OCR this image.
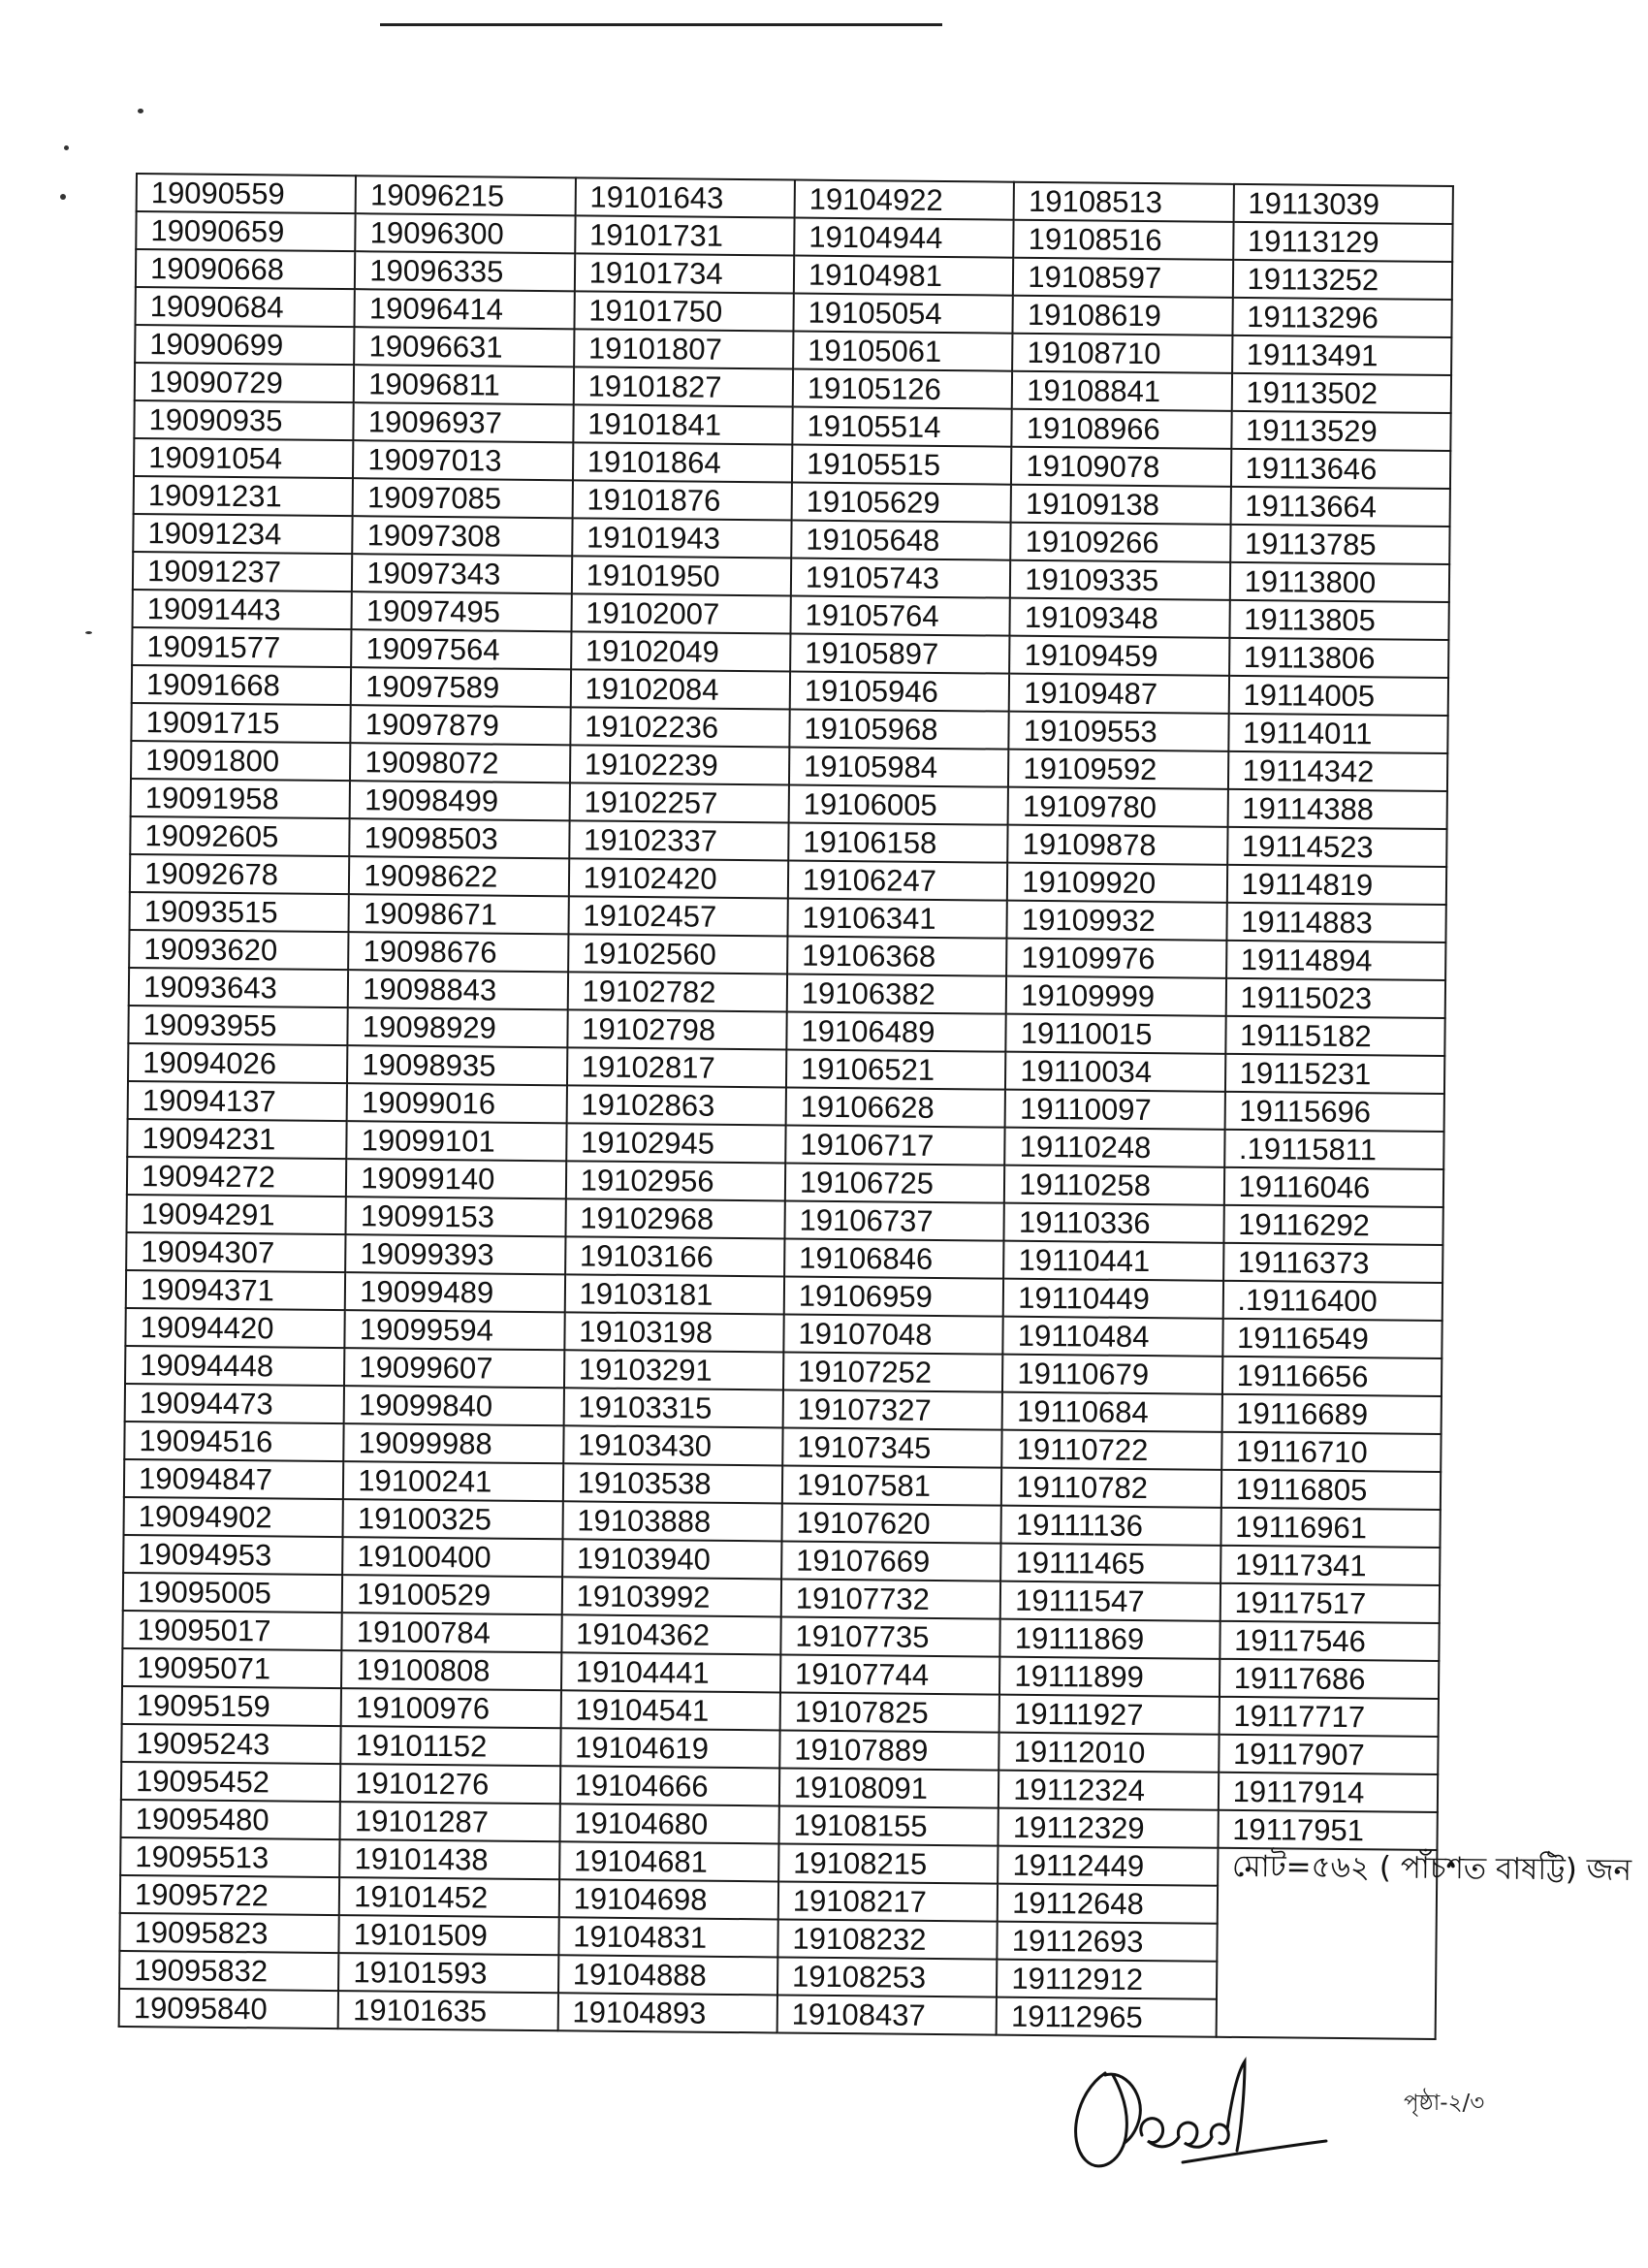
19090559	19096215	19101643	19104922	19108513	19113039
19090659	19096300	19101731	19104944	19108516	19113129
19090668	19096335	19101734	19104981	19108597	19113252
19090684	19096414	19101750	19105054	19108619	19113296
19090699	19096631	19101807	19105061	19108710	19113491
19090729	19096811	19101827	19105126	19108841	19113502
19090935	19096937	19101841	19105514	19108966	19113529
19091054	19097013	19101864	19105515	19109078	19113646
19091231	19097085	19101876	19105629	19109138	19113664
19091234	19097308	19101943	19105648	19109266	19113785
19091237	19097343	19101950	19105743	19109335	19113800
19091443	19097495	19102007	19105764	19109348	19113805
19091577	19097564	19102049	19105897	19109459	19113806
19091668	19097589	19102084	19105946	19109487	19114005
19091715	19097879	19102236	19105968	19109553	19114011
19091800	19098072	19102239	19105984	19109592	19114342
19091958	19098499	19102257	19106005	19109780	19114388
19092605	19098503	19102337	19106158	19109878	19114523
19092678	19098622	19102420	19106247	19109920	19114819
19093515	19098671	19102457	19106341	19109932	19114883
19093620	19098676	19102560	19106368	19109976	19114894
19093643	19098843	19102782	19106382	19109999	19115023
19093955	19098929	19102798	19106489	19110015	19115182
19094026	19098935	19102817	19106521	19110034	19115231
19094137	19099016	19102863	19106628	19110097	19115696
19094231	19099101	19102945	19106717	19110248	.19115811
19094272	19099140	19102956	19106725	19110258	19116046
19094291	19099153	19102968	19106737	19110336	19116292
19094307	19099393	19103166	19106846	19110441	19116373
19094371	19099489	19103181	19106959	19110449	.19116400
19094420	19099594	19103198	19107048	19110484	19116549
19094448	19099607	19103291	19107252	19110679	19116656
19094473	19099840	19103315	19107327	19110684	19116689
19094516	19099988	19103430	19107345	19110722	19116710
19094847	19100241	19103538	19107581	19110782	19116805
19094902	19100325	19103888	19107620	19111136	19116961
19094953	19100400	19103940	19107669	19111465	19117341
19095005	19100529	19103992	19107732	19111547	19117517
19095017	19100784	19104362	19107735	19111869	19117546
19095071	19100808	19104441	19107744	19111899	19117686
19095159	19100976	19104541	19107825	19111927	19117717
19095243	19101152	19104619	19107889	19112010	19117907
19095452	19101276	19104666	19108091	19112324	19117914
19095480	19101287	19104680	19108155	19112329	19117951
19095513	19101438	19104681	19108215	19112449	মোট=৫৬২ ( পাঁচশত বাষট্টি) জন
19095722	19101452	19104698	19108217	19112648	
19095823	19101509	19104831	19108232	19112693	
19095832	19101593	19104888	19108253	19112912	
19095840	19101635	19104893	19108437	19112965	
পৃষ্ঠা-২/৩
